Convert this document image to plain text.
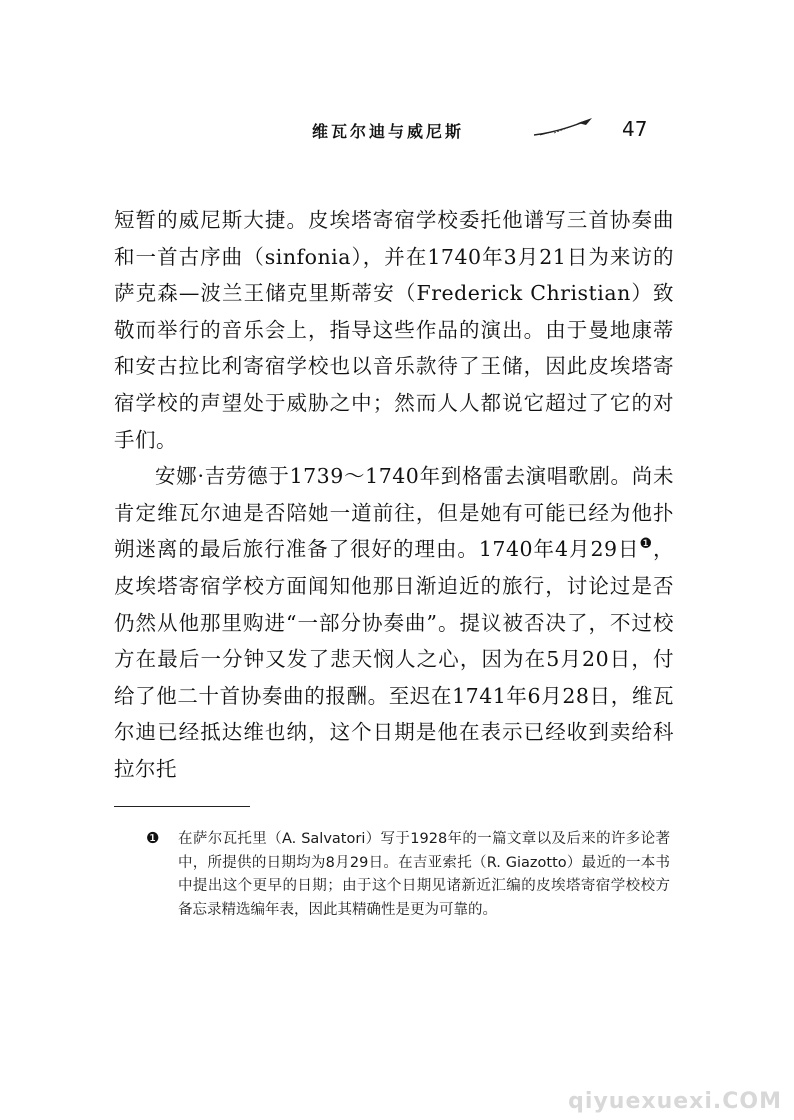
维瓦尔迪与威尼斯	47

短暂的威尼斯大捷。皮埃塔寄宿学校委托他谱写三首协奏曲和一首古序曲（sinfonia），并在1740年3月21日为来访的萨克森—波兰王储克里斯蒂安（Frederick Christian）致敬而举行的音乐会上，指导这些作品的演出。由于曼地康蒂和安古拉比利寄宿学校也以音乐款待了王储，因此皮埃塔寄宿学校的声望处于威胁之中；然而人人都说它超过了它的对手们。

安娜·吉劳德于1739～1740年到格雷去演唱歌剧。尚未肯定维瓦尔迪是否陪她一道前往，但是她有可能已经为他扑朔迷离的最后旅行准备了很好的理由。1740年4月29日$^❶$，皮埃塔寄宿学校方面闻知他那日渐迫近的旅行，讨论过是否仍然从他那里购进“一部分协奏曲”。提议被否决了，不过校方在最后一分钟又发了悲天悯人之心，因为在5月20日，付给了他二十首协奏曲的报酬。至迟在1741年6月28日，维瓦尔迪已经抵达维也纳，这个日期是他在表示已经收到卖给科拉尔托

❶ 在萨尔瓦托里（A. Salvatori）写于1928年的一篇文章以及后来的许多论著中，所提供的日期均为8月29日。在吉亚索托（R. Giazotto）最近的一本书中提出这个更早的日期；由于这个日期见诸新近汇编的皮埃塔寄宿学校校方备忘录精选编年表，因此其精确性是更为可靠的。

qiyuexuexi.COM
